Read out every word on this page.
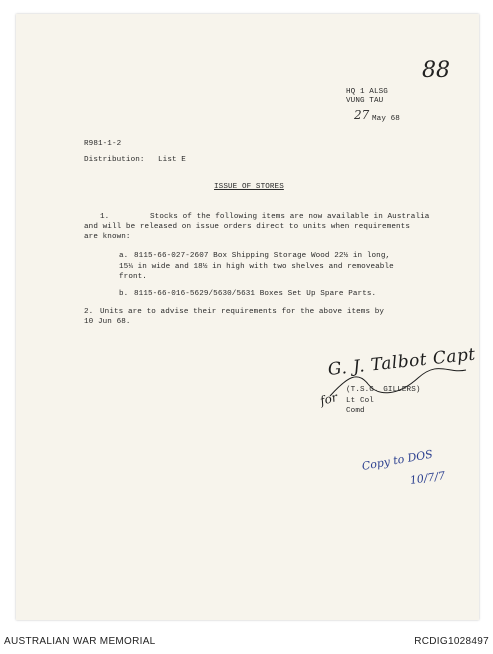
88
HQ 1 ALSG
VUNG TAU
27 May 68
R981-1-2
Distribution: List E
ISSUE OF STORES
1.	Stocks of the following items are now available in Australia
and will be released on issue orders direct to units when requirements
are known:
a. 8115-66-027-2607 Box Shipping Storage Wood 22½ in long,
15¼ in wide and 18½ in high with two shelves and removeable
front.
b. 8115-66-016-5629/5630/5631 Boxes Set Up Spare Parts.
2. Units are to advise their requirements for the above items by
10 Jun 68.
G. J. Talbot Capt
for (T.S.G. GILLERS)
Lt Col
Comd
Copy to DOS
10/7/7
AUSTRALIAN WAR MEMORIAL	RCDIG1028497
